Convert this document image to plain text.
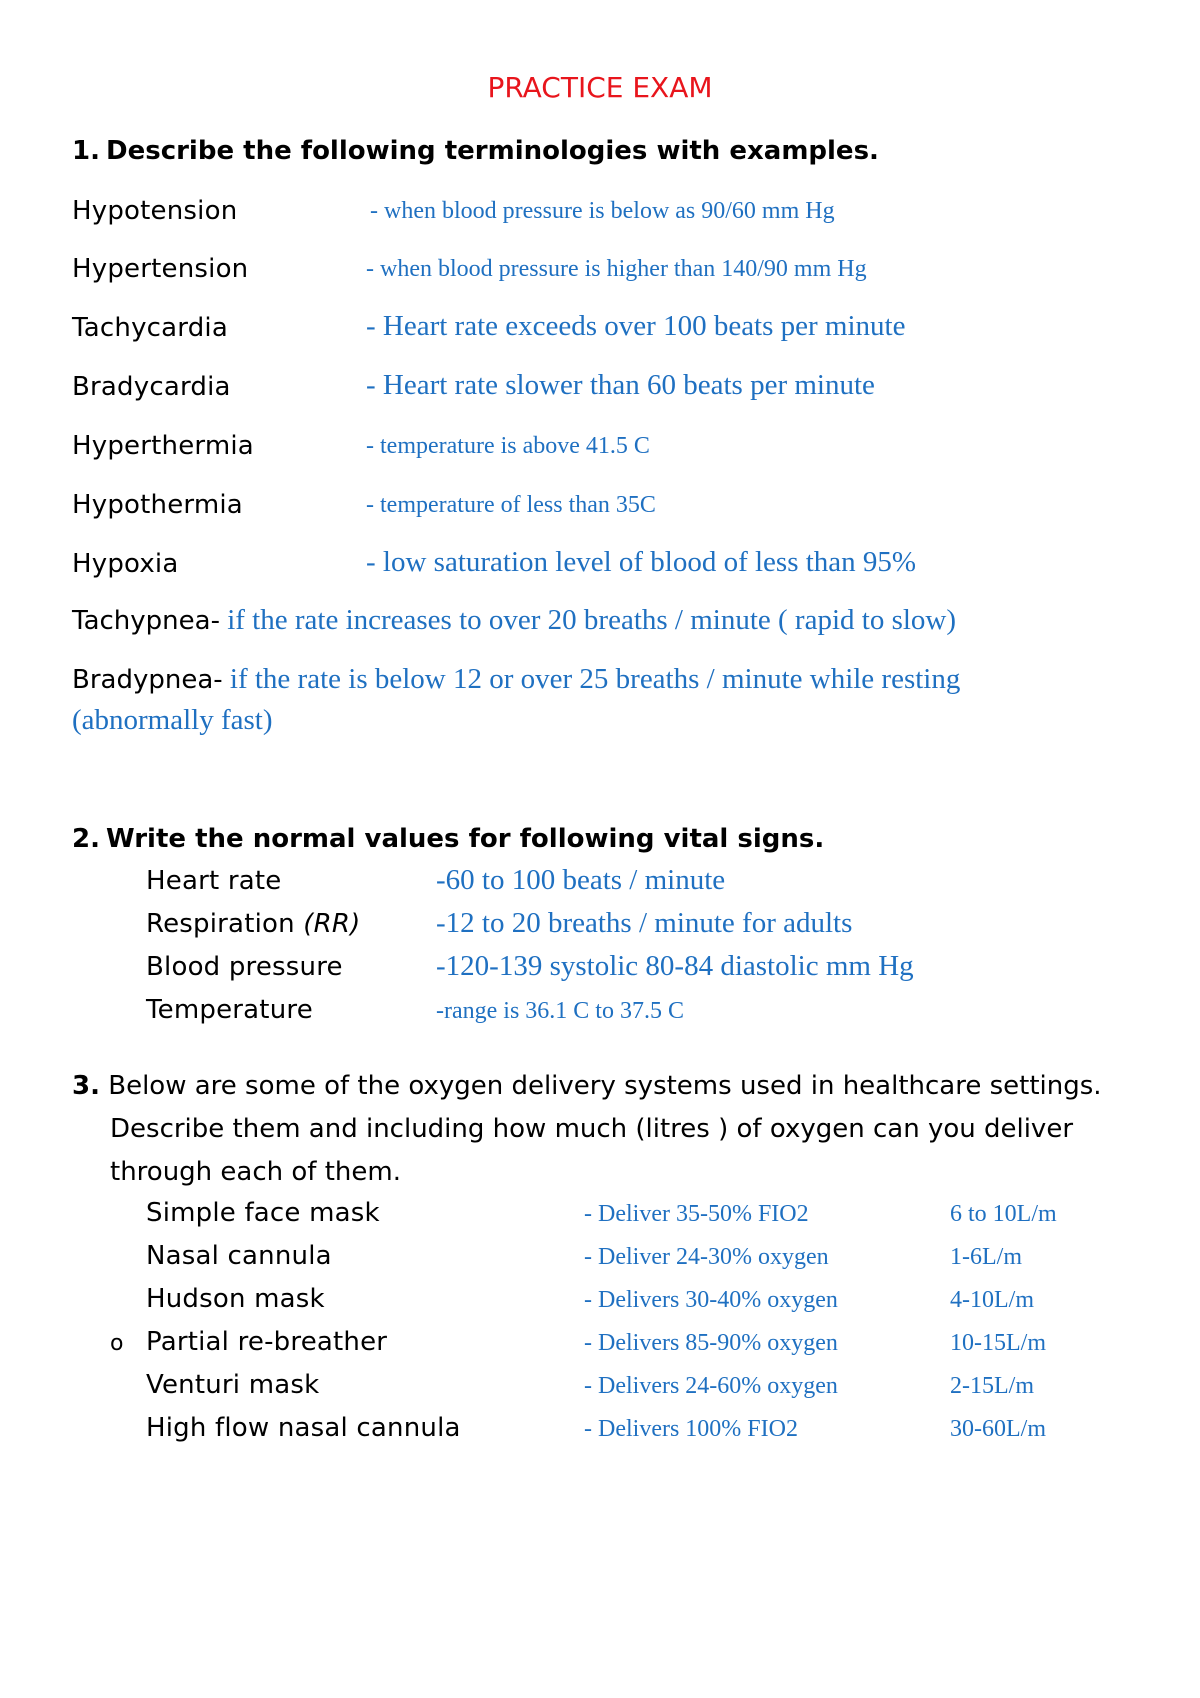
PRACTICE EXAM
1. Describe the following terminologies with examples.
Hypotension	- when blood pressure is below as 90/60 mm Hg
Hypertension	- when blood pressure is higher than 140/90 mm Hg
Tachycardia	- Heart rate exceeds over 100 beats per minute
Bradycardia	- Heart rate slower than 60 beats per minute
Hyperthermia	- temperature is above 41.5 C
Hypothermia	- temperature of less than 35C
Hypoxia	- low saturation level of blood of less than 95%
Tachypnea- if the rate increases to over 20 breaths / minute ( rapid to slow)
Bradypnea- if the rate is below 12 or over 25 breaths / minute while resting
(abnormally fast)
2. Write the normal values for following vital signs.
Heart rate	-60 to 100 beats / minute
Respiration (RR)	-12 to 20 breaths / minute for adults
Blood pressure	-120-139 systolic 80-84 diastolic mm Hg
Temperature	-range is 36.1 C to 37.5 C
3. Below are some of the oxygen delivery systems used in healthcare settings.
Describe them and including how much (litres ) of oxygen can you deliver
through each of them.
Simple face mask	- Deliver 35-50% FIO2	6 to 10L/m
Nasal cannula	- Deliver 24-30% oxygen	1-6L/m
Hudson mask	- Delivers 30-40% oxygen	4-10L/m
o Partial re-breather	- Delivers 85-90% oxygen	10-15L/m
Venturi mask	- Delivers 24-60% oxygen	2-15L/m
High flow nasal cannula	- Delivers 100% FIO2	30-60L/m
